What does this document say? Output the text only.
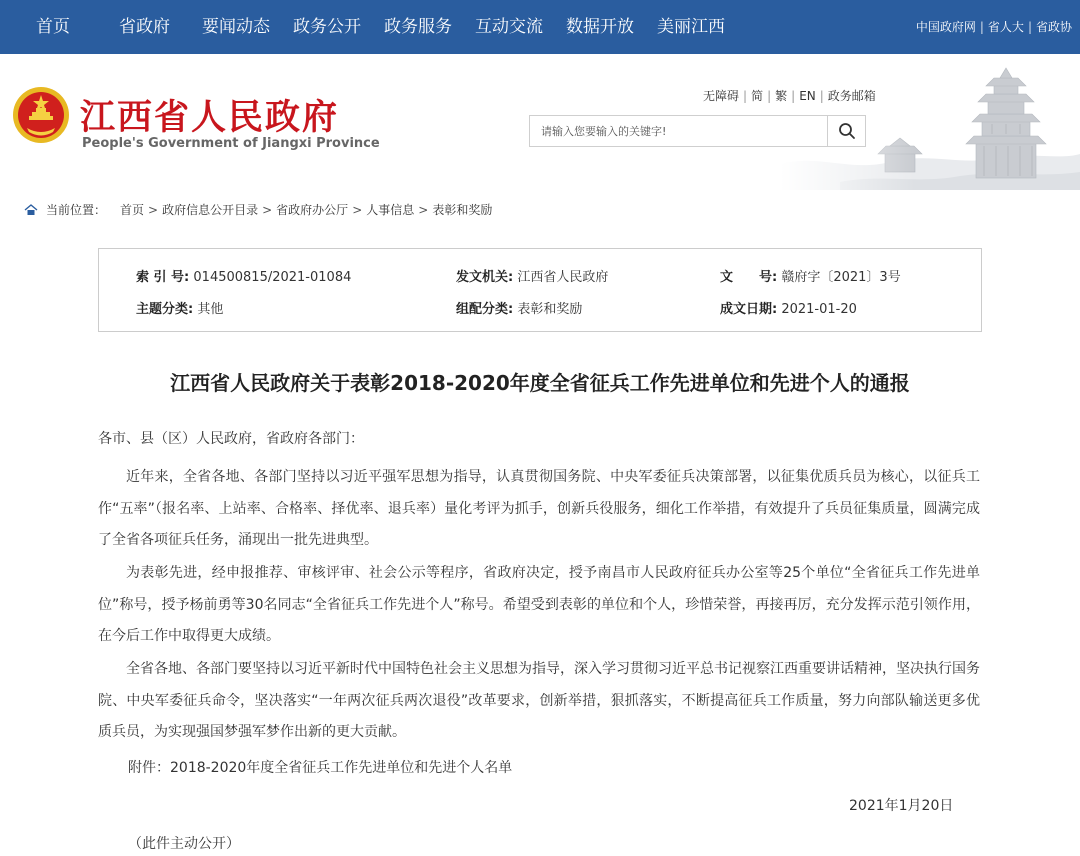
首页	省政府 要闻动态 政务公开 政务服务 互动交流 数据开放 美丽江西	中国政府网 | 省人大 | 省政协
江西省人民政府
People's Government of Jiangxi Province
无障碍 | 简 | 繁 | EN | 政务邮箱
请输入您要输入的关键字!
当前位置： 首页 > 政府信息公开目录 > 省政府办公厅 > 人事信息 > 表彰和奖励
索 引 号: 014500815/2021-01084	发文机关: 江西省人民政府	文　　号: 赣府字〔2021〕3号
主题分类: 其他	组配分类: 表彰和奖励	成文日期: 2021-01-20
江西省人民政府关于表彰2018-2020年度全省征兵工作先进单位和先进个人的通报
各市、县（区）人民政府，省政府各部门：

近年来，全省各地、各部门坚持以习近平强军思想为指导，认真贯彻国务院、中央军委征兵决策部署，以征集优质兵员为核心，以征兵工作“五率”（报名率、上站率、合格率、择优率、退兵率）量化考评为抓手，创新兵役服务，细化工作举措，有效提升了兵员征集质量，圆满完成了全省各项征兵任务，涌现出一批先进典型。

为表彰先进，经申报推荐、审核评审、社会公示等程序，省政府决定，授予南昌市人民政府征兵办公室等25个单位“全省征兵工作先进单位”称号，授予杨前勇等30名同志“全省征兵工作先进个人”称号。希望受到表彰的单位和个人，珍惜荣誉，再接再厉，充分发挥示范引领作用，在今后工作中取得更大成绩。

全省各地、各部门要坚持以习近平新时代中国特色社会主义思想为指导，深入学习贯彻习近平总书记视察江西重要讲话精神，坚决执行国务院、中央军委征兵命令，坚决落实“一年两次征兵两次退役”改革要求，创新举措，狠抓落实，不断提高征兵工作质量，努力向部队输送更多优质兵员，为实现强国梦强军梦作出新的更大贡献。

附件：2018-2020年度全省征兵工作先进单位和先进个人名单
2021年1月20日
（此件主动公开）
